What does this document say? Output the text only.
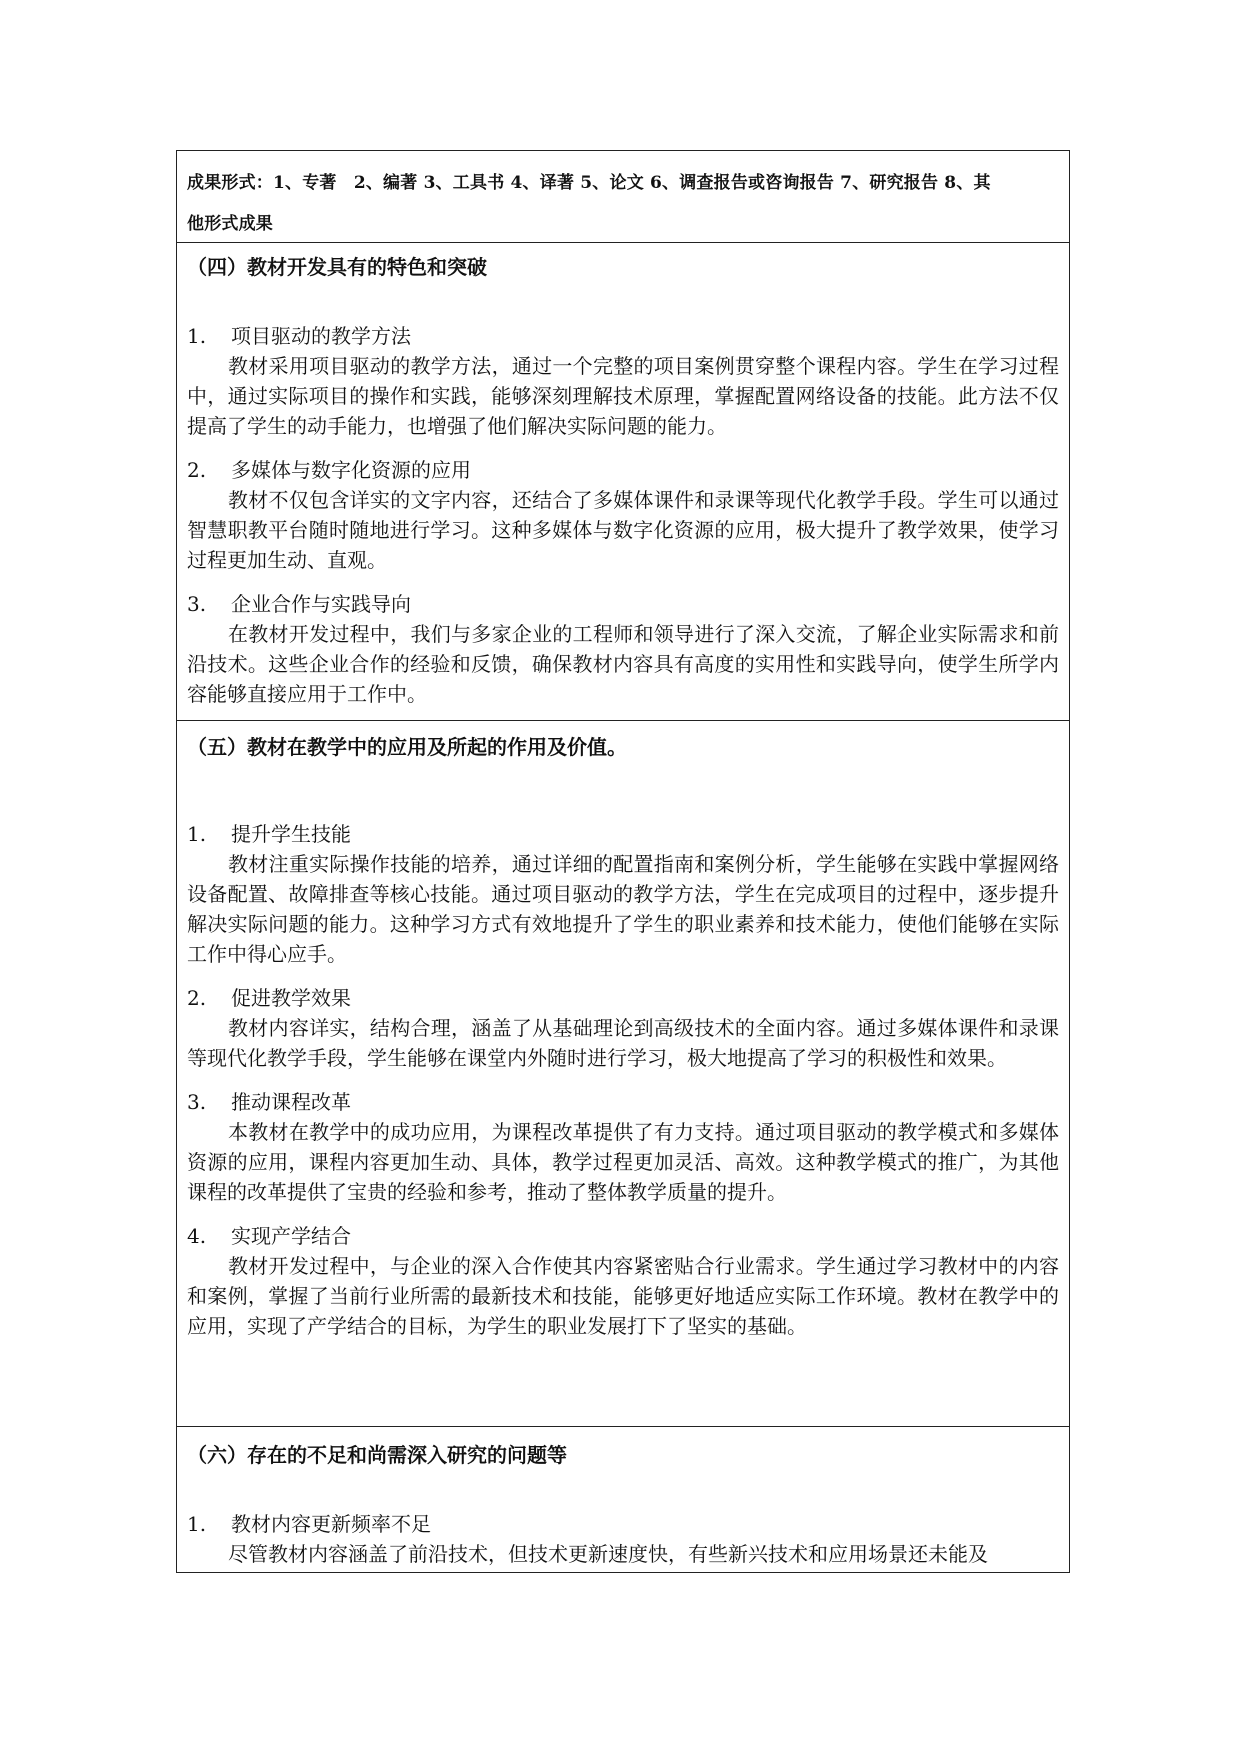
成果形式：1、专著　2、编著 3、工具书 4、译著 5、论文 6、调查报告或咨询报告 7、研究报告 8、其
他形式成果

（四）教材开发具有的特色和突破

1.	项目驱动的教学方法

教材采用项目驱动的教学方法，通过一个完整的项目案例贯穿整个课程内容。学生在学习过程中，通过实际项目的操作和实践，能够深刻理解技术原理，掌握配置网络设备的技能。此方法不仅提高了学生的动手能力，也增强了他们解决实际问题的能力。

2.	多媒体与数字化资源的应用

教材不仅包含详实的文字内容，还结合了多媒体课件和录课等现代化教学手段。学生可以通过智慧职教平台随时随地进行学习。这种多媒体与数字化资源的应用，极大提升了教学效果，使学习过程更加生动、直观。

3.	企业合作与实践导向

在教材开发过程中，我们与多家企业的工程师和领导进行了深入交流，了解企业实际需求和前沿技术。这些企业合作的经验和反馈，确保教材内容具有高度的实用性和实践导向，使学生所学内容能够直接应用于工作中。

（五）教材在教学中的应用及所起的作用及价值。

1.	提升学生技能

教材注重实际操作技能的培养，通过详细的配置指南和案例分析，学生能够在实践中掌握网络设备配置、故障排查等核心技能。通过项目驱动的教学方法，学生在完成项目的过程中，逐步提升解决实际问题的能力。这种学习方式有效地提升了学生的职业素养和技术能力，使他们能够在实际工作中得心应手。

2.	促进教学效果

教材内容详实，结构合理，涵盖了从基础理论到高级技术的全面内容。通过多媒体课件和录课等现代化教学手段，学生能够在课堂内外随时进行学习，极大地提高了学习的积极性和效果。

3.	推动课程改革

本教材在教学中的成功应用，为课程改革提供了有力支持。通过项目驱动的教学模式和多媒体资源的应用，课程内容更加生动、具体，教学过程更加灵活、高效。这种教学模式的推广，为其他课程的改革提供了宝贵的经验和参考，推动了整体教学质量的提升。

4.	实现产学结合

教材开发过程中，与企业的深入合作使其内容紧密贴合行业需求。学生通过学习教材中的内容和案例，掌握了当前行业所需的最新技术和技能，能够更好地适应实际工作环境。教材在教学中的应用，实现了产学结合的目标，为学生的职业发展打下了坚实的基础。

（六）存在的不足和尚需深入研究的问题等

1.	教材内容更新频率不足

尽管教材内容涵盖了前沿技术，但技术更新速度快，有些新兴技术和应用场景还未能及
